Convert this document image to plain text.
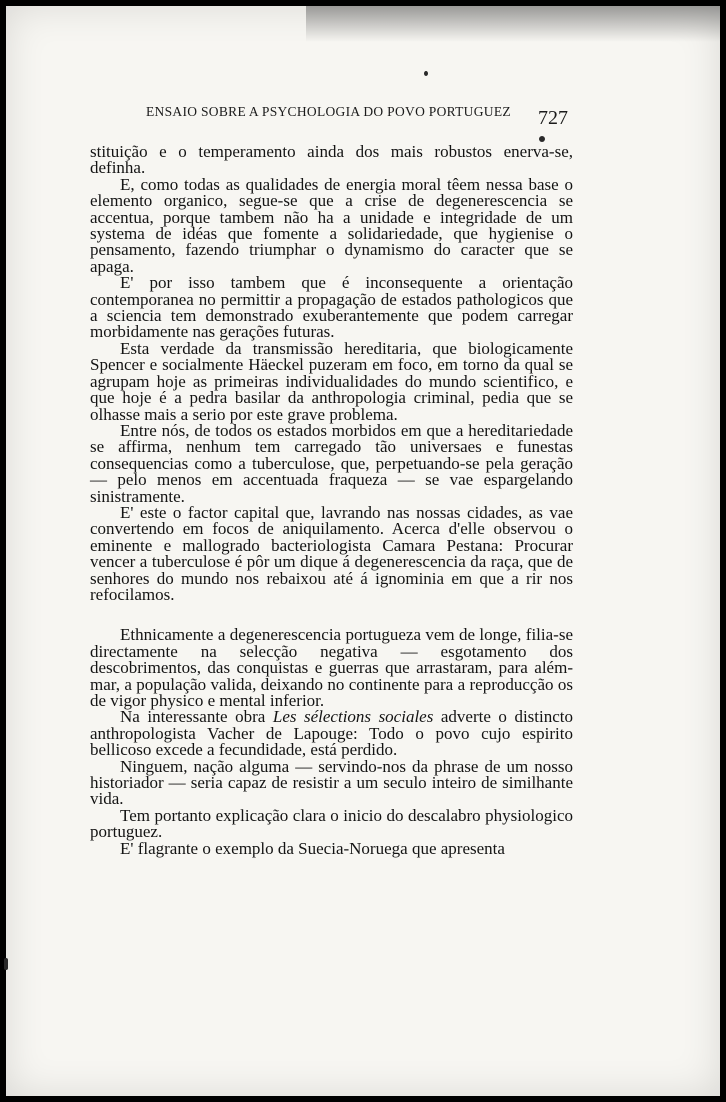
ENSAIO SOBRE A PSYCHOLOGIA DO POVO PORTUGUEZ	727

stituição e o temperamento ainda dos mais robustos enerva-se, definha.

E, como todas as qualidades de energia moral têem nessa base o elemento organico, segue-se que a crise de degenerescencia se accentua, porque tambem não ha a unidade e integridade de um systema de idéas que fomente a solidariedade, que hygienise o pensamento, fazendo triumphar o dynamismo do caracter que se apaga.

E' por isso tambem que é inconsequente a orientação contemporanea no permittir a propagação de estados pathologicos que a sciencia tem demonstrado exuberantemente que podem carregar morbidamente nas gerações futuras.

Esta verdade da transmissão hereditaria, que biologicamente Spencer e socialmente Häeckel puzeram em foco, em torno da qual se agrupam hoje as primeiras individualidades do mundo scientifico, e que hoje é a pedra basilar da anthropologia criminal, pedia que se olhasse mais a serio por este grave problema.

Entre nós, de todos os estados morbidos em que a hereditariedade se affirma, nenhum tem carregado tão universaes e funestas consequencias como a tuberculose, que, perpetuando-se pela geração — pelo menos em accentuada fraqueza — se vae espargelando sinistramente.

E' este o factor capital que, lavrando nas nossas cidades, as vae convertendo em focos de aniquilamento. Acerca d'elle observou o eminente e mallogrado bacteriologista Camara Pestana: Procurar vencer a tuberculose é pôr um dique á degenerescencia da raça, que de senhores do mundo nos rebaixou até á ignominia em que a rir nos refocilamos.

Ethnicamente a degenerescencia portugueza vem de longe, filia-se directamente na selecção negativa — esgotamento dos descobrimentos, das conquistas e guerras que arrastaram, para além-mar, a população valida, deixando no continente para a reproducção os de vigor physico e mental inferior.

Na interessante obra Les sélections sociales adverte o distincto anthropologista Vacher de Lapouge: Todo o povo cujo espirito bellicoso excede a fecundidade, está perdido.

Ninguem, nação alguma — servindo-nos da phrase de um nosso historiador — seria capaz de resistir a um seculo inteiro de similhante vida.

Tem portanto explicação clara o inicio do descalabro physiologico portuguez.

E' flagrante o exemplo da Suecia-Noruega que apresenta
